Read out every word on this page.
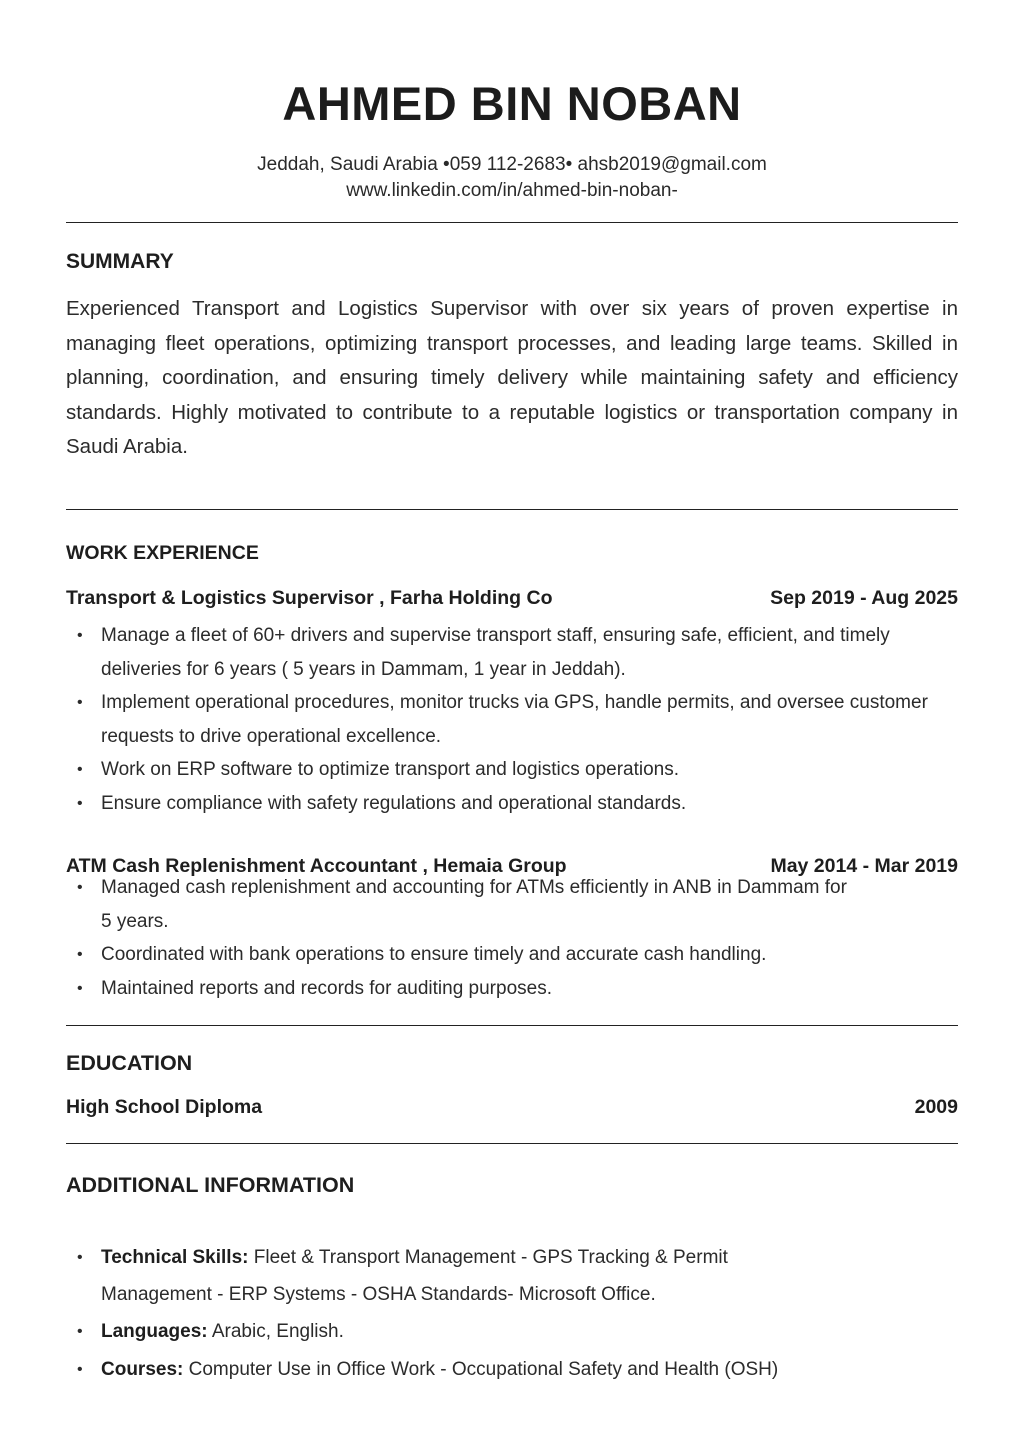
AHMED BIN NOBAN
Jeddah, Saudi Arabia •059 112-2683• ahsb2019@gmail.com
www.linkedin.com/in/ahmed-bin-noban-
SUMMARY
Experienced Transport and Logistics Supervisor with over six years of proven expertise in managing fleet operations, optimizing transport processes, and leading large teams. Skilled in planning, coordination, and ensuring timely delivery while maintaining safety and efficiency standards. Highly motivated to contribute to a reputable logistics or transportation company in Saudi Arabia.
WORK EXPERIENCE
Transport & Logistics Supervisor , Farha Holding Co	Sep 2019 - Aug 2025
• Manage a fleet of 60+ drivers and supervise transport staff, ensuring safe, efficient, and timely deliveries for 6 years ( 5 years in Dammam, 1 year in Jeddah).
• Implement operational procedures, monitor trucks via GPS, handle permits, and oversee customer requests to drive operational excellence.
• Work on ERP software to optimize transport and logistics operations.
• Ensure compliance with safety regulations and operational standards.
ATM Cash Replenishment Accountant , Hemaia Group	May 2014 - Mar 2019
• Managed cash replenishment and accounting for ATMs efficiently in ANB in Dammam for 5 years.
• Coordinated with bank operations to ensure timely and accurate cash handling.
• Maintained reports and records for auditing purposes.
EDUCATION
High School Diploma	2009
ADDITIONAL INFORMATION
• Technical Skills: Fleet & Transport Management - GPS Tracking & Permit Management - ERP Systems - OSHA Standards- Microsoft Office.
• Languages: Arabic, English.
• Courses: Computer Use in Office Work - Occupational Safety and Health (OSH)
